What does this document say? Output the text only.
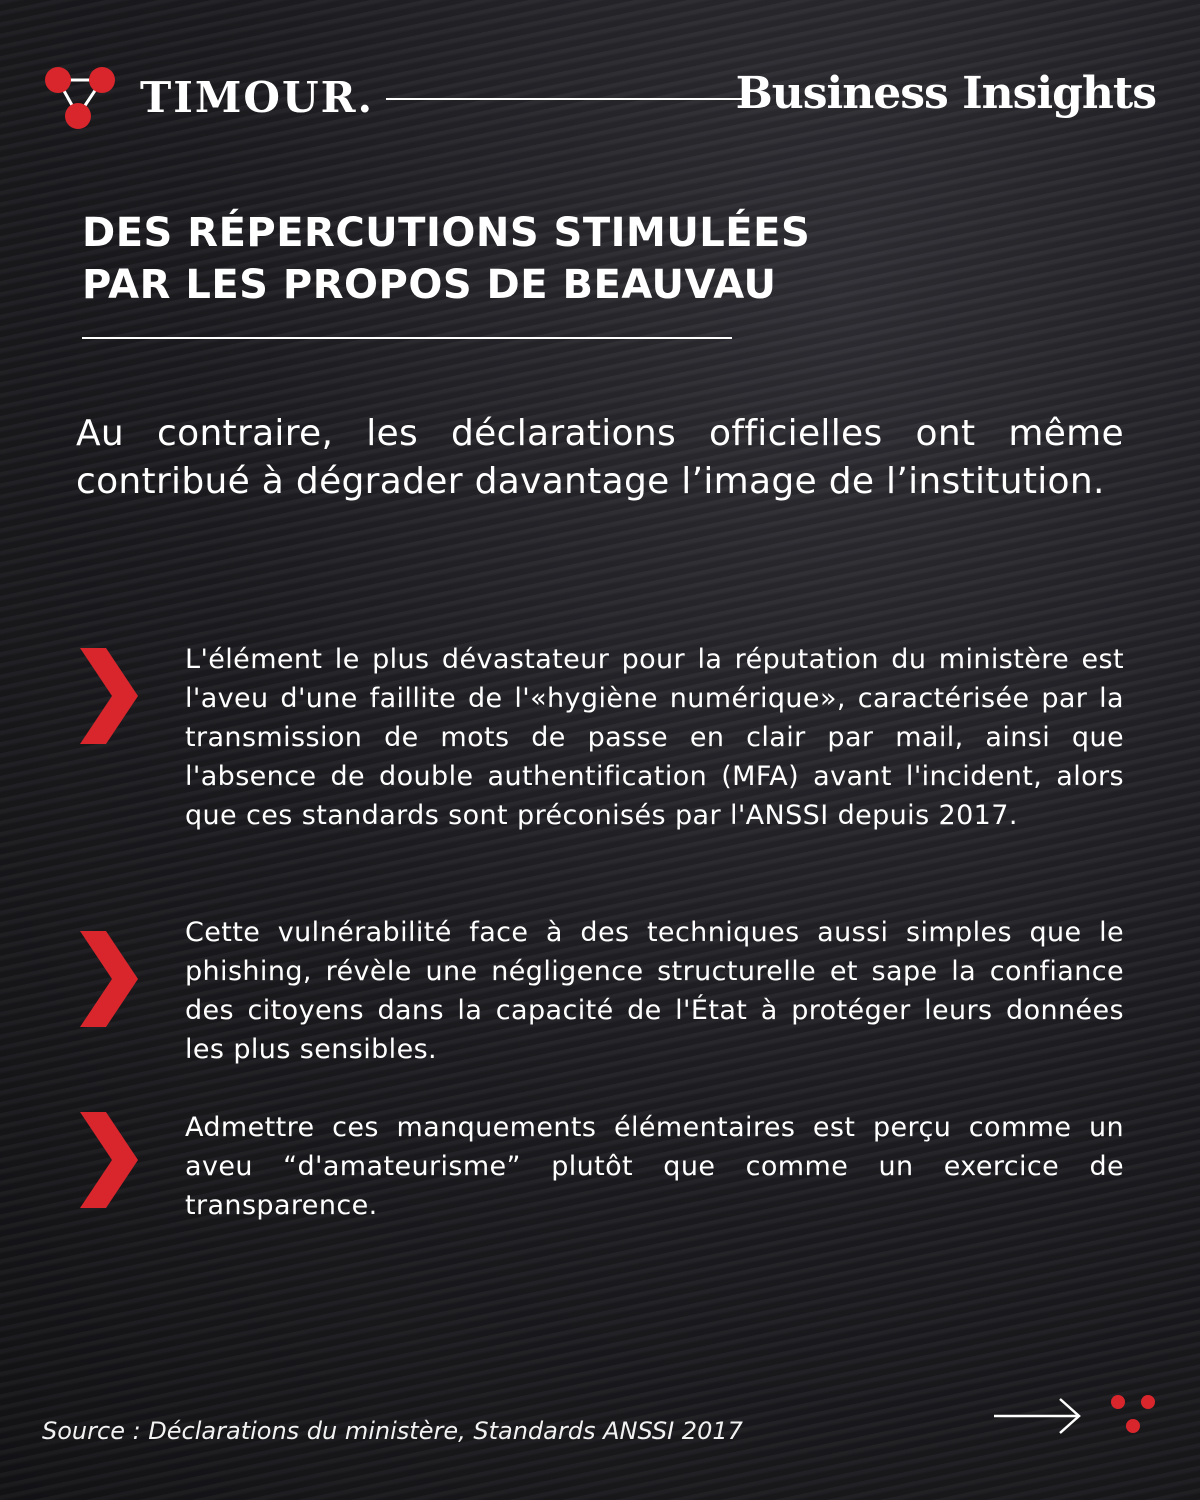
TIMOUR.	Business Insights
DES RÉPERCUTIONS STIMULÉES
PAR LES PROPOS DE BEAUVAU

Au contraire, les déclarations officielles ont même contribué à dégrader davantage l’image de l’institution.

L'élément le plus dévastateur pour la réputation du ministère est l'aveu d'une faillite de l'«hygiène numérique», caractérisée par la transmission de mots de passe en clair par mail, ainsi que l'absence de double authentification (MFA) avant l'incident, alors que ces standards sont préconisés par l'ANSSI depuis 2017.

Cette vulnérabilité face à des techniques aussi simples que le phishing, révèle une négligence structurelle et sape la confiance des citoyens dans la capacité de l'État à protéger leurs données les plus sensibles.

Admettre ces manquements élémentaires est perçu comme un aveu “d'amateurisme” plutôt que comme un exercice de transparence.

Source : Déclarations du ministère, Standards ANSSI 2017
